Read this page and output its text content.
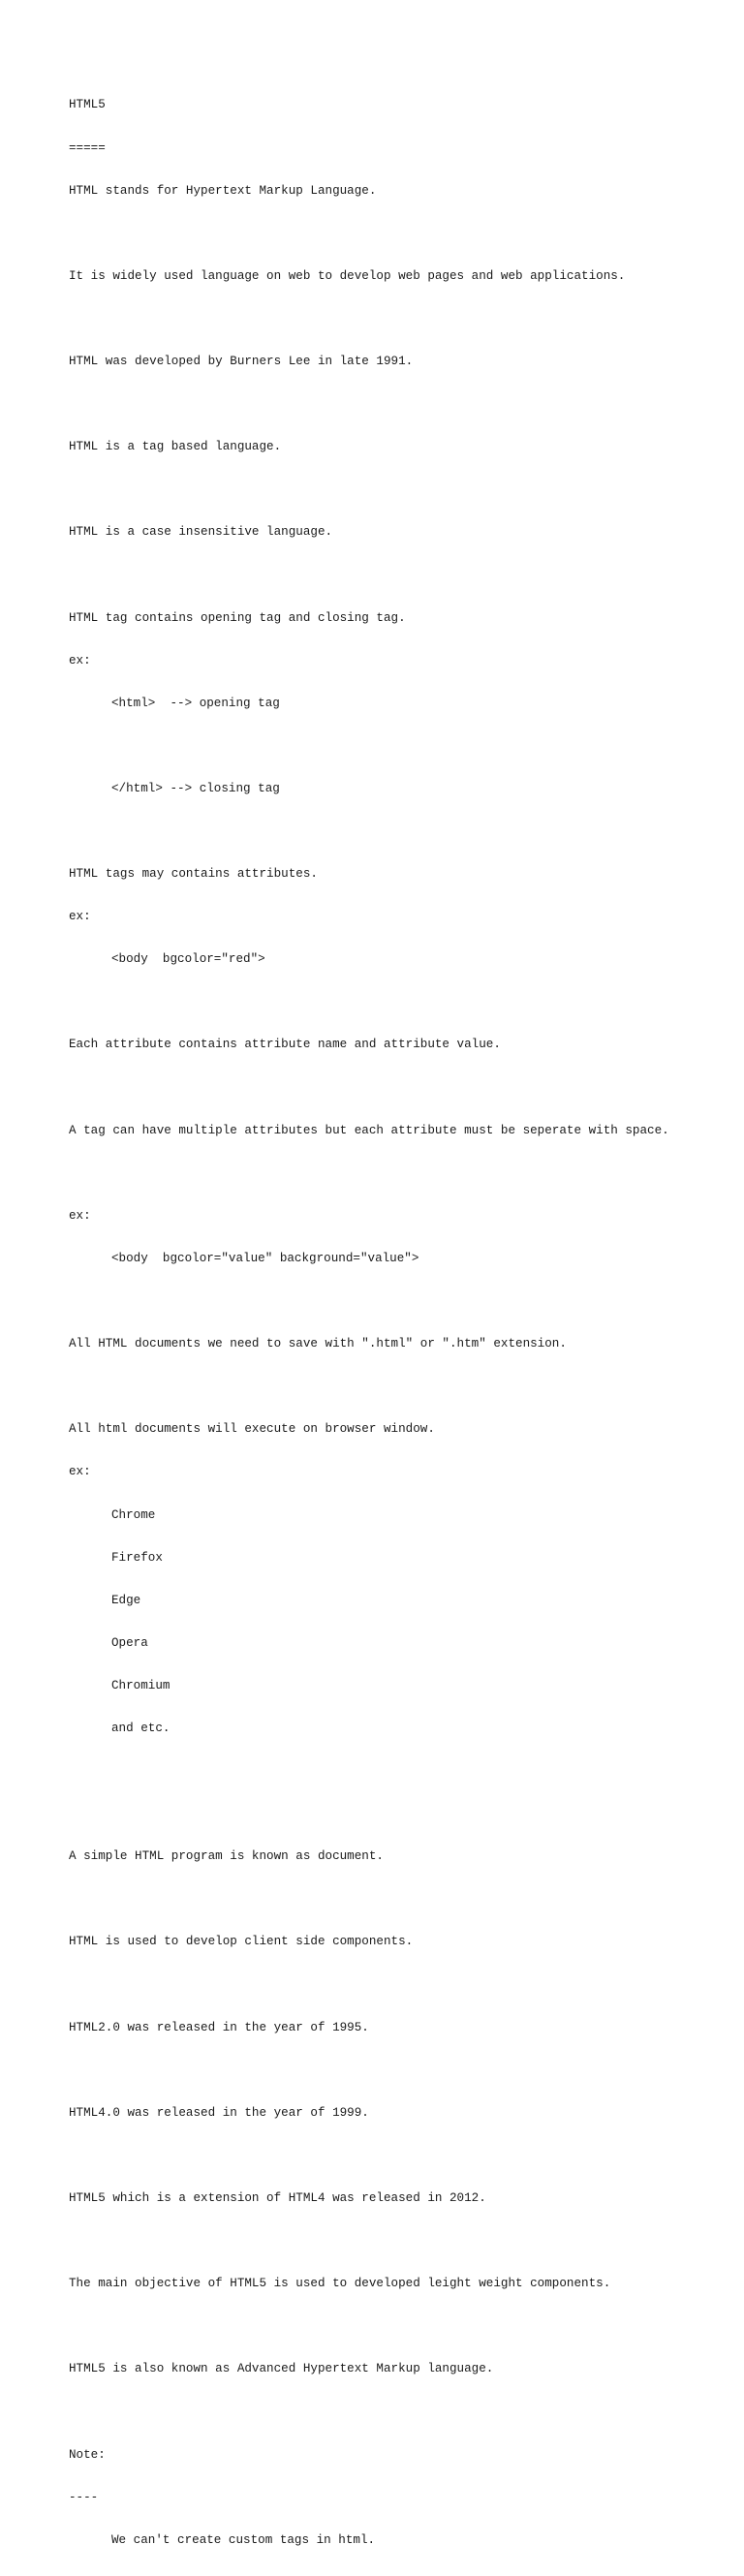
HTML5

=====

HTML stands for Hypertext Markup Language.

It is widely used language on web to develop web pages and web applications.

HTML was developed by Burners Lee in late 1991.

HTML is a tag based language.

HTML is a case insensitive language.

HTML tag contains opening tag and closing tag.

ex:

<html>  --> opening tag

</html> --> closing tag

HTML tags may contains attributes.

ex:

<body  bgcolor="red">

Each attribute contains attribute name and attribute value.

A tag can have multiple attributes but each attribute must be seperate with space.

ex:

<body  bgcolor="value" background="value">

All HTML documents we need to save with ".html" or ".htm" extension.

All html documents will execute on browser window.

ex:

Chrome

Firefox

Edge

Opera

Chromium

and etc.

A simple HTML program is known as document.

HTML is used to develop client side components.

HTML2.0 was released in the year of 1995.

HTML4.0 was released in the year of 1999.

HTML5 which is a extension of HTML4 was released in 2012.

The main objective of HTML5 is used to developed leight weight components.

HTML5 is also known as Advanced Hypertext Markup language.

Note:

----

We can't create custom tags in html.
